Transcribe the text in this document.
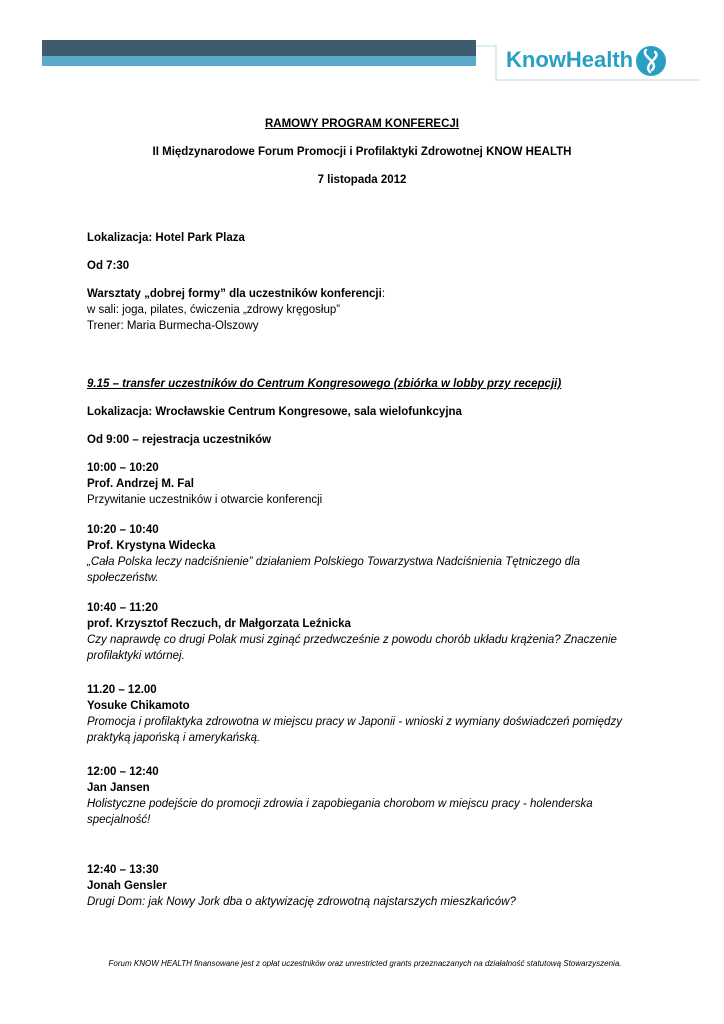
KnowHealth
RAMOWY PROGRAM KONFERECJI
II Międzynarodowe Forum Promocji i Profilaktyki Zdrowotnej KNOW HEALTH
7 listopada 2012
Lokalizacja: Hotel Park Plaza
Od 7:30
Warsztaty „dobrej formy” dla uczestników konferencji:
w sali: joga, pilates, ćwiczenia „zdrowy kręgosłup”
Trener: Maria Burmecha-Olszowy
9.15 – transfer uczestników do Centrum Kongresowego (zbiórka w lobby przy recepcji)
Lokalizacja: Wrocławskie Centrum Kongresowe, sala wielofunkcyjna
Od 9:00 – rejestracja uczestników
10:00 – 10:20
Prof. Andrzej M. Fal
Przywitanie uczestników i otwarcie konferencji
10:20 – 10:40
Prof. Krystyna Widecka
„Cała Polska leczy nadciśnienie” działaniem Polskiego Towarzystwa Nadciśnienia Tętniczego dla społeczeństw.
10:40 – 11:20
prof. Krzysztof Reczuch, dr Małgorzata Leźnicka
Czy naprawdę co drugi Polak musi zginąć przedwcześnie z powodu chorób układu krążenia? Znaczenie profilaktyki wtórnej.
11.20 – 12.00
Yosuke Chikamoto
Promocja i profilaktyka zdrowotna w miejscu pracy w Japonii - wnioski z wymiany doświadczeń pomiędzy praktyką japońską i amerykańską.
12:00 – 12:40
Jan Jansen
Holistyczne podejście do promocji zdrowia i zapobiegania chorobom w miejscu pracy - holenderska specjalność!
12:40 – 13:30
Jonah Gensler
Drugi Dom: jak Nowy Jork dba o aktywizację zdrowotną najstarszych mieszkańców?
Forum KNOW HEALTH finansowane jest z opłat uczestników oraz unrestricted grants przeznaczanych na działalność statutową Stowarzyszenia.
